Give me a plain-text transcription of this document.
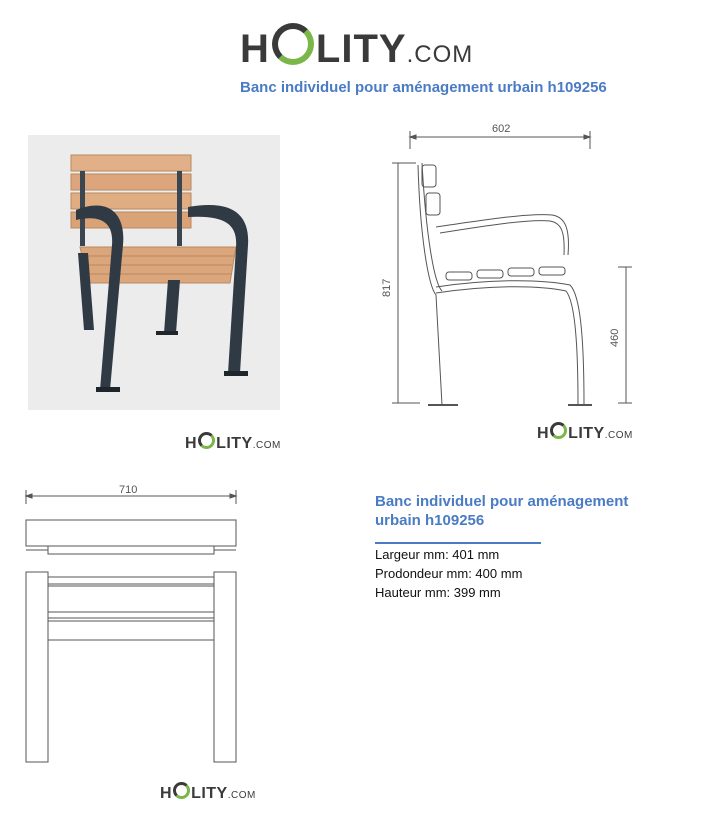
H LITY .COM
Banc individuel pour aménagement urbain h109256
H LITY .COM
602
817
460
H LITY .COM
710
H LITY .COM
Banc individuel pour aménagement urbain h109256
Largeur mm: 401 mm
Prodondeur mm: 400 mm
Hauteur mm: 399 mm
